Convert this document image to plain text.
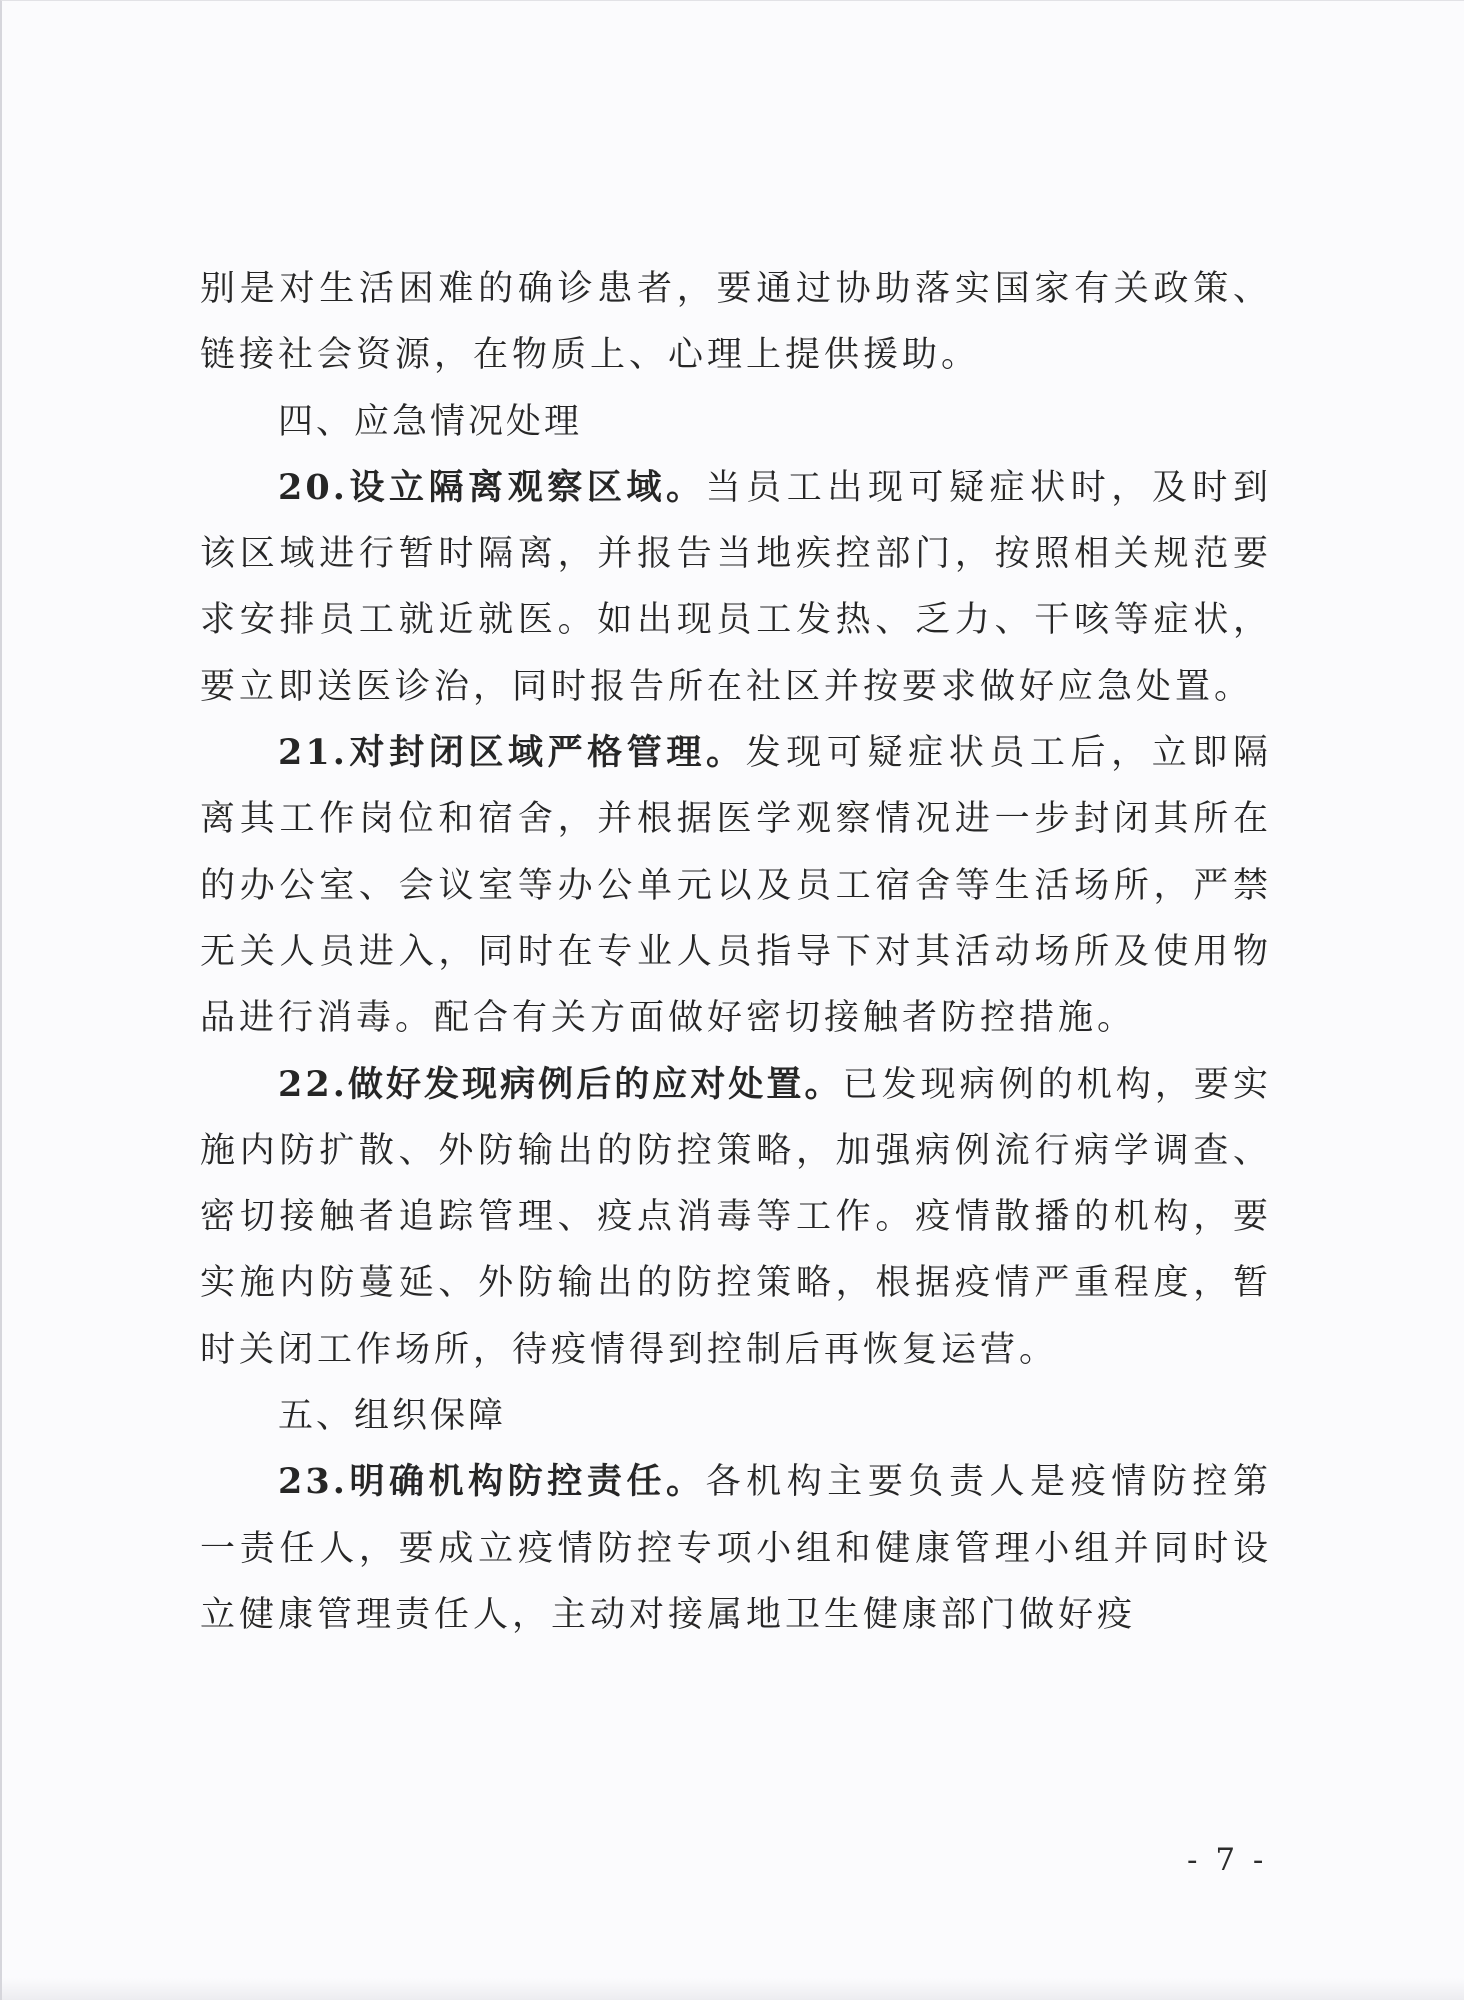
别是对生活困难的确诊患者，要通过协助落实国家有关政策、链接社会资源，在物质上、心理上提供援助。

四、应急情况处理

20.设立隔离观察区域。当员工出现可疑症状时，及时到该区域进行暂时隔离，并报告当地疾控部门，按照相关规范要求安排员工就近就医。如出现员工发热、乏力、干咳等症状，要立即送医诊治，同时报告所在社区并按要求做好应急处置。

21.对封闭区域严格管理。发现可疑症状员工后，立即隔离其工作岗位和宿舍，并根据医学观察情况进一步封闭其所在的办公室、会议室等办公单元以及员工宿舍等生活场所，严禁无关人员进入，同时在专业人员指导下对其活动场所及使用物品进行消毒。配合有关方面做好密切接触者防控措施。

22.做好发现病例后的应对处置。已发现病例的机构，要实施内防扩散、外防输出的防控策略，加强病例流行病学调查、密切接触者追踪管理、疫点消毒等工作。疫情散播的机构，要实施内防蔓延、外防输出的防控策略，根据疫情严重程度，暂时关闭工作场所，待疫情得到控制后再恢复运营。

五、组织保障

23.明确机构防控责任。各机构主要负责人是疫情防控第一责任人，要成立疫情防控专项小组和健康管理小组并同时设立健康管理责任人，主动对接属地卫生健康部门做好疫

- 7 -
